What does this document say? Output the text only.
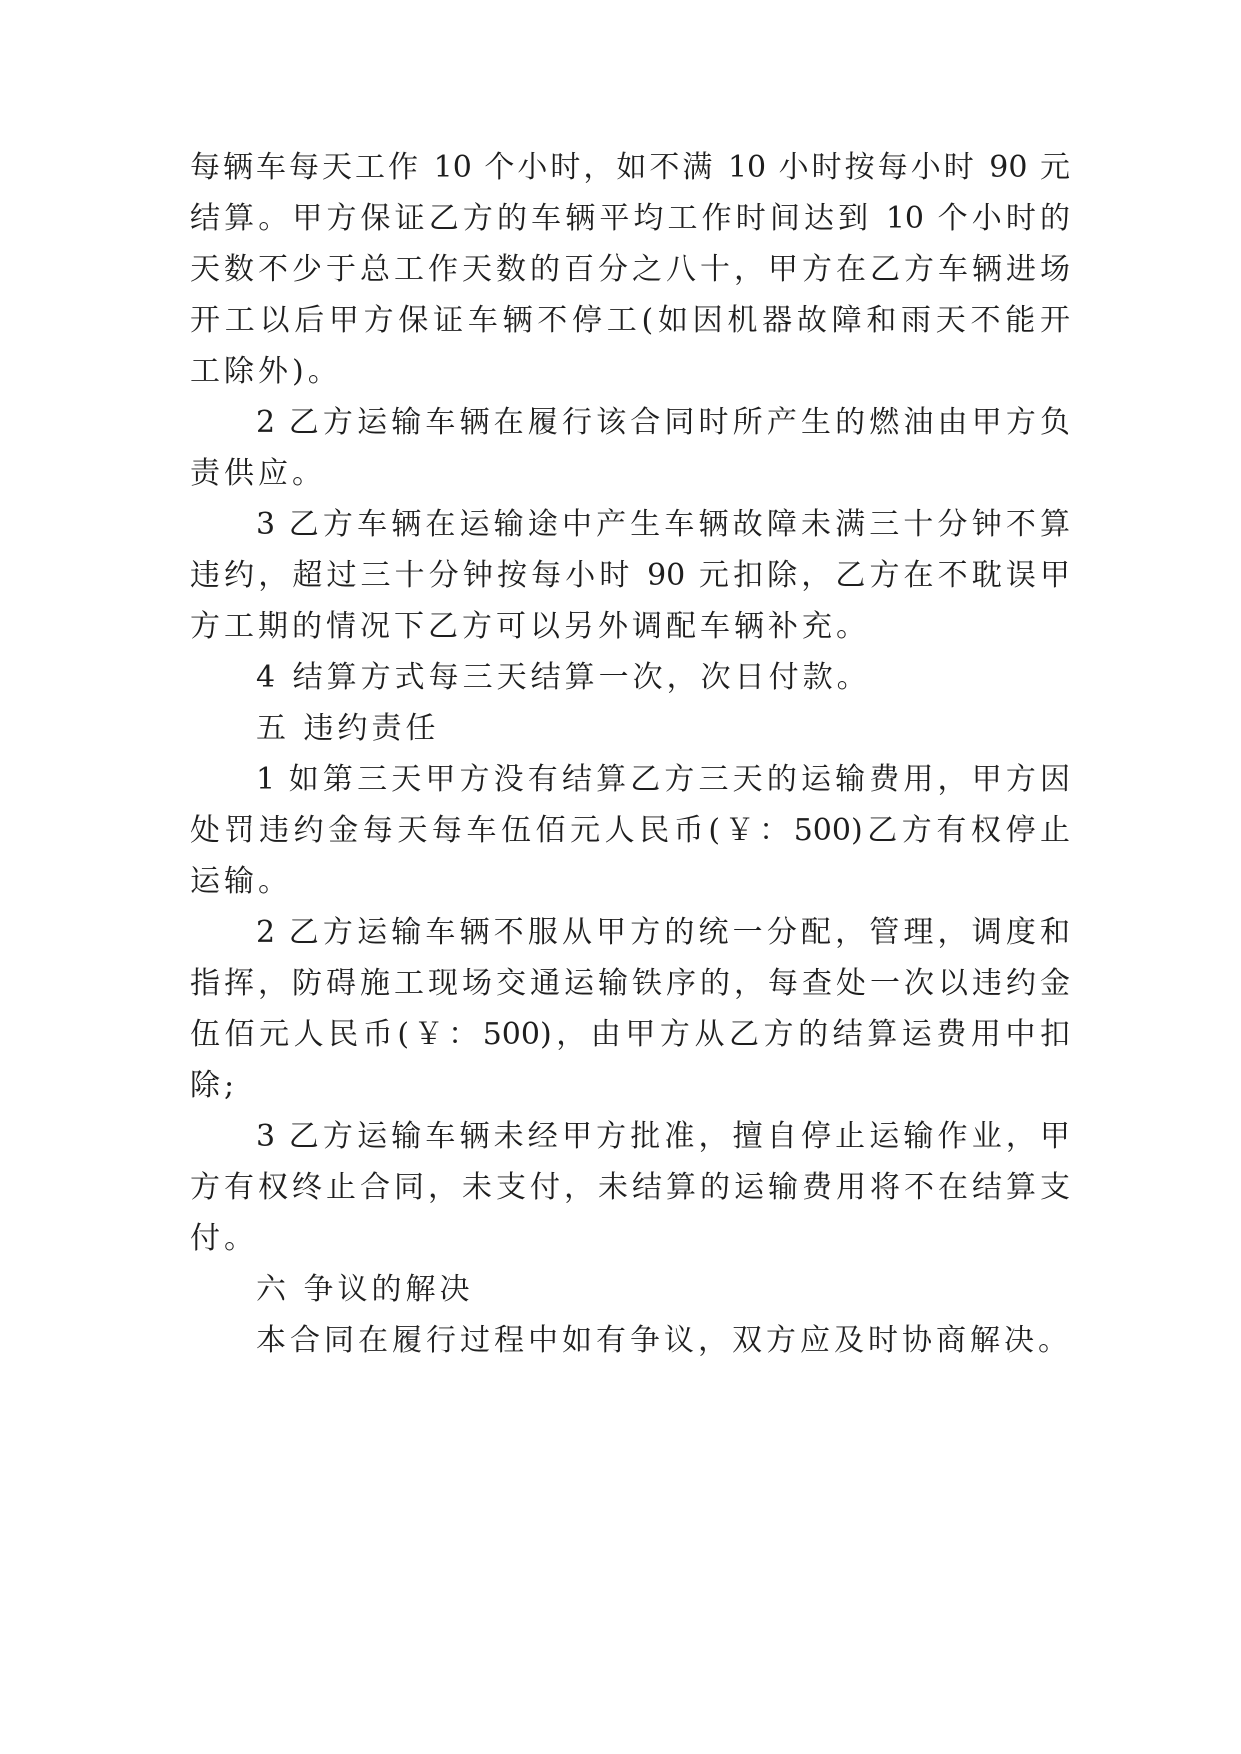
每辆车每天工作 10 个小时，如不满 10 小时按每小时 90 元
结算。甲方保证乙方的车辆平均工作时间达到 10 个小时的
天数不少于总工作天数的百分之八十，甲方在乙方车辆进场
开工以后甲方保证车辆不停工(如因机器故障和雨天不能开
工除外)。
2 乙方运输车辆在履行该合同时所产生的燃油由甲方负
责供应。
3 乙方车辆在运输途中产生车辆故障未满三十分钟不算
违约，超过三十分钟按每小时 90 元扣除，乙方在不耽误甲
方工期的情况下乙方可以另外调配车辆补充。
4 结算方式每三天结算一次，次日付款。
五 违约责任
1 如第三天甲方没有结算乙方三天的运输费用，甲方因
处罚违约金每天每车伍佰元人民币(￥：500)乙方有权停止
运输。
2 乙方运输车辆不服从甲方的统一分配，管理，调度和
指挥，防碍施工现场交通运输铁序的，每查处一次以违约金
伍佰元人民币(￥：500)，由甲方从乙方的结算运费用中扣
除;
3 乙方运输车辆未经甲方批准，擅自停止运输作业，甲
方有权终止合同，未支付，未结算的运输费用将不在结算支
付。
六 争议的解决
本合同在履行过程中如有争议，双方应及时协商解决。
